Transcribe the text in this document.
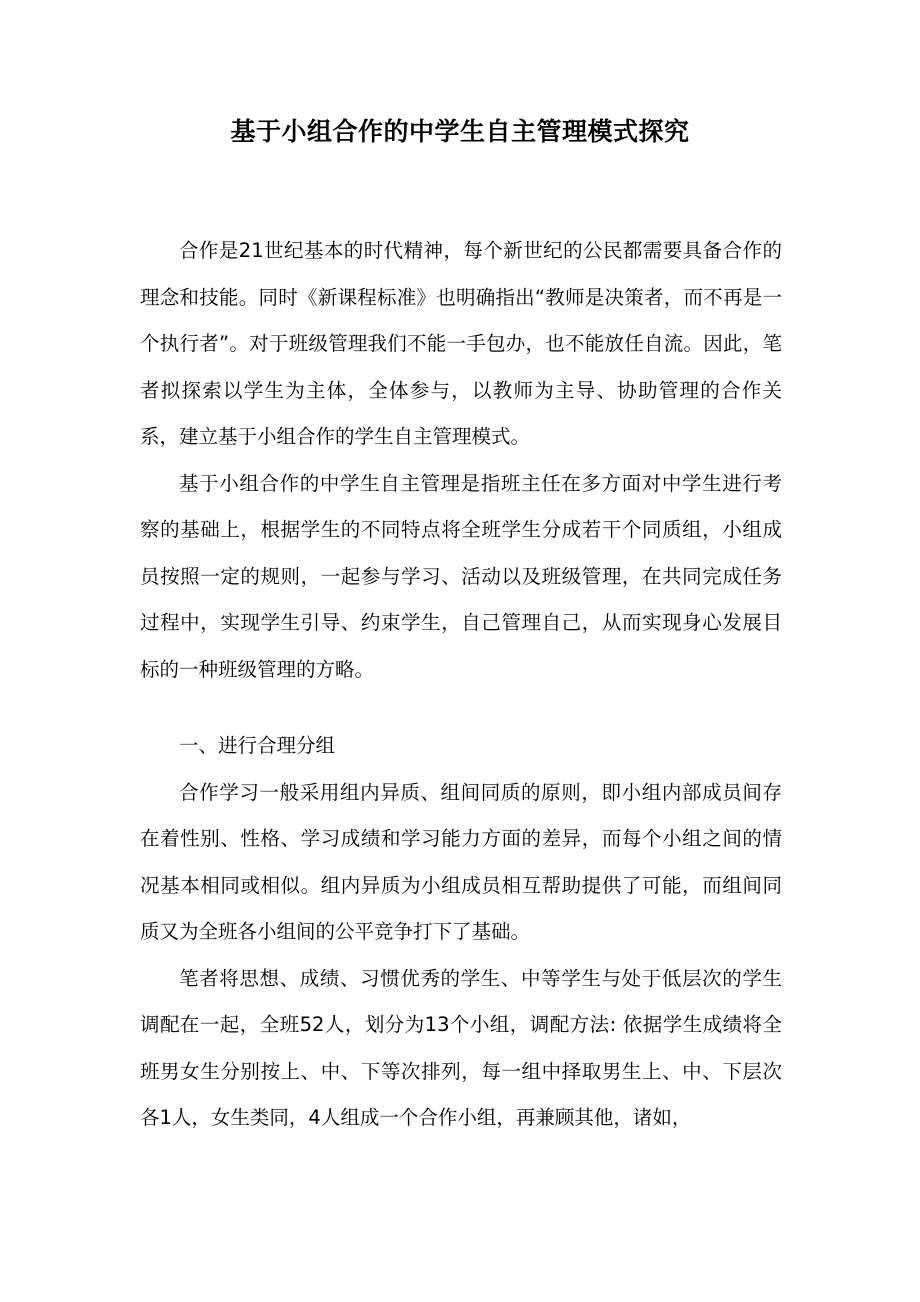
基于小组合作的中学生自主管理模式探究

合作是21世纪基本的时代精神，每个新世纪的公民都需要具备合作的理念和技能。同时《新课程标准》也明确指出“教师是决策者，而不再是一个执行者”。对于班级管理我们不能一手包办，也不能放任自流。因此，笔者拟探索以学生为主体，全体参与，以教师为主导、协助管理的合作关系，建立基于小组合作的学生自主管理模式。

基于小组合作的中学生自主管理是指班主任在多方面对中学生进行考察的基础上，根据学生的不同特点将全班学生分成若干个同质组，小组成员按照一定的规则，一起参与学习、活动以及班级管理，在共同完成任务过程中，实现学生引导、约束学生，自己管理自己，从而实现身心发展目标的一种班级管理的方略。

一、进行合理分组

合作学习一般采用组内异质、组间同质的原则，即小组内部成员间存在着性别、性格、学习成绩和学习能力方面的差异，而每个小组之间的情况基本相同或相似。组内异质为小组成员相互帮助提供了可能，而组间同质又为全班各小组间的公平竞争打下了基础。

笔者将思想、成绩、习惯优秀的学生、中等学生与处于低层次的学生调配在一起，全班52人，划分为13个小组，调配方法: 依据学生成绩将全班男女生分别按上、中、下等次排列，每一组中择取男生上、中、下层次各1人，女生类同，4人组成一个合作小组，再兼顾其他，诸如，
